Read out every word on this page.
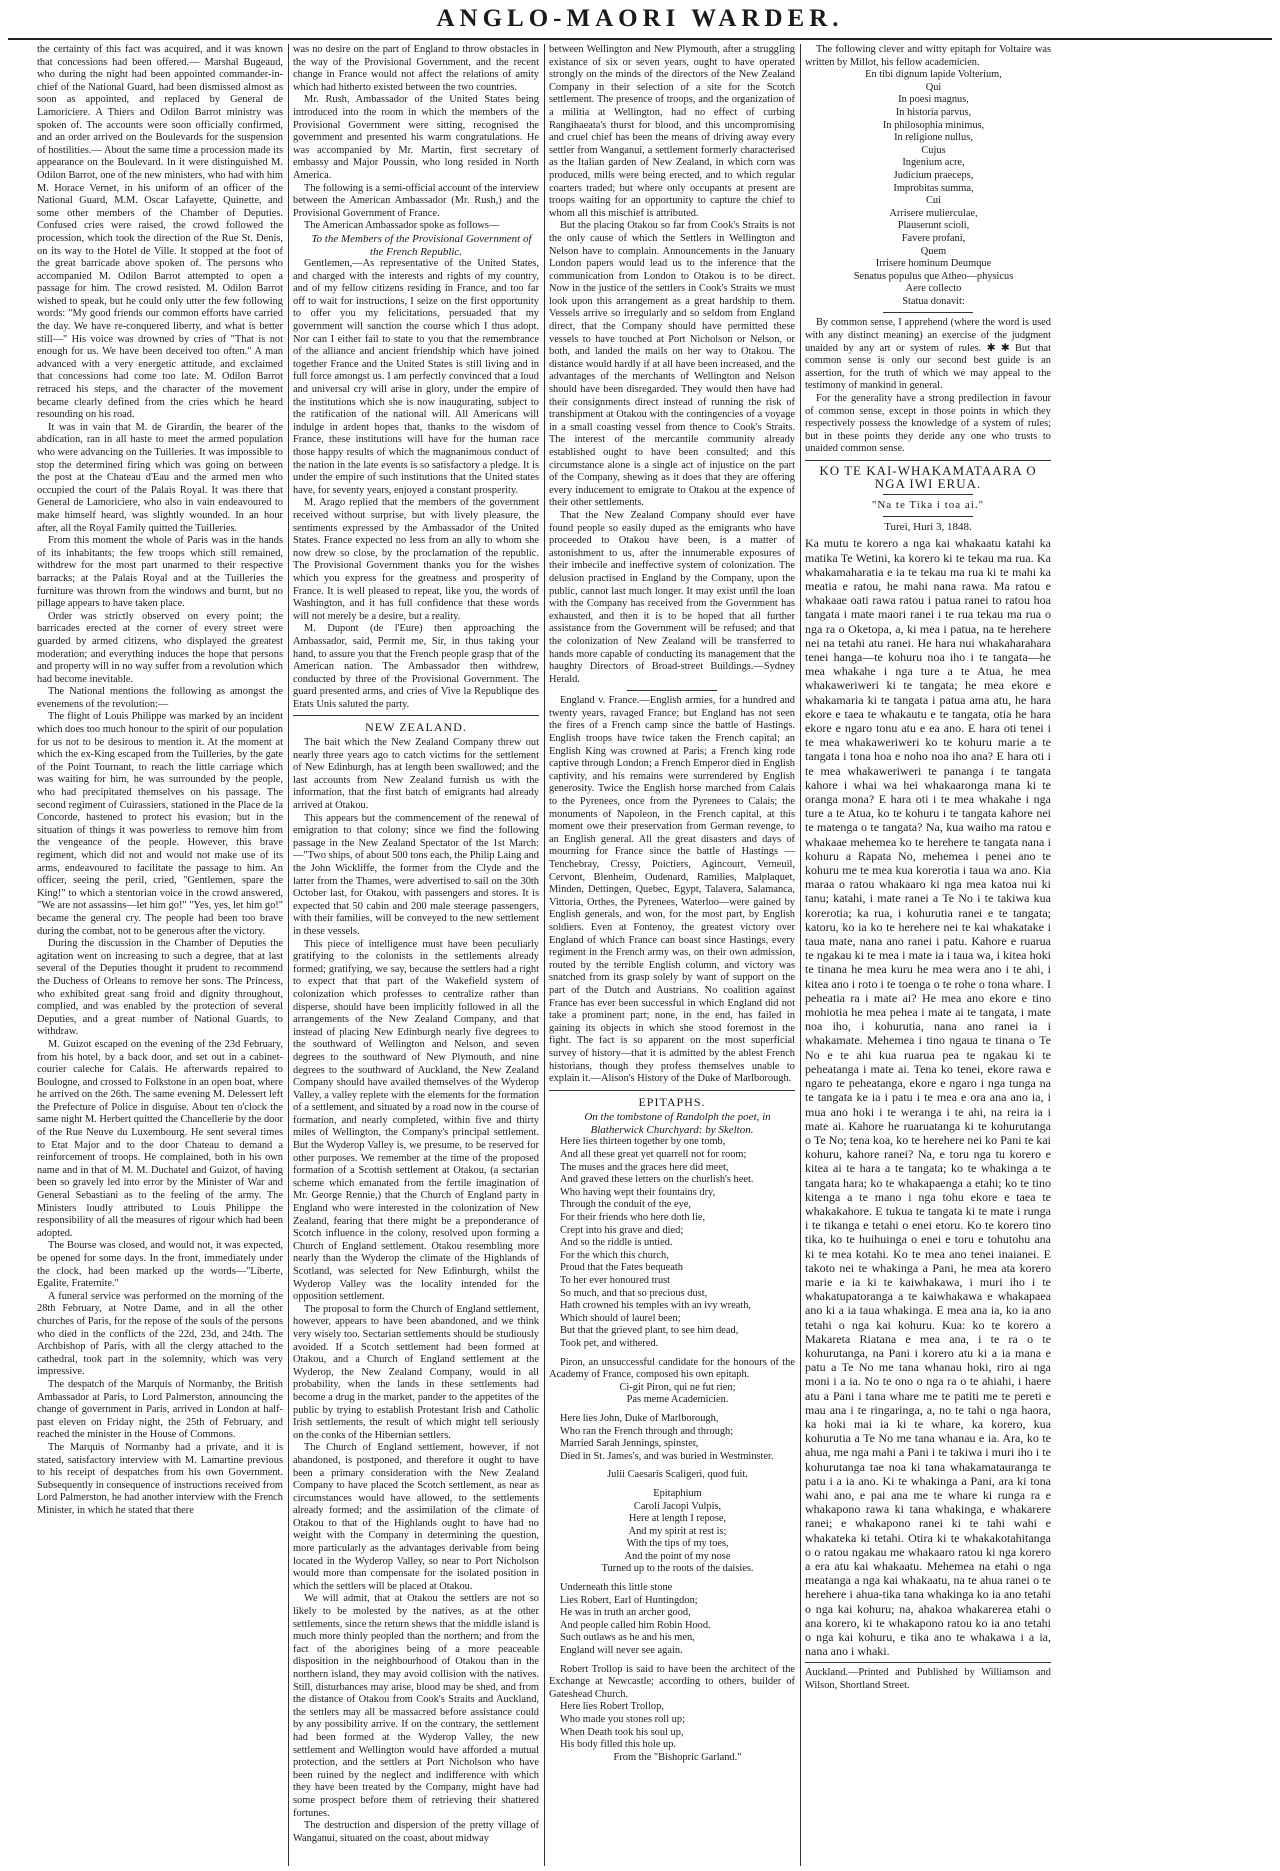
ANGLO-MAORI WARDER.

the certainty of this fact was acquired, and it was known that concessions had been offered.— Marshal Bugeaud, who during the night had been appointed commander-in-chief of the National Guard, had been dismissed almost as soon as appointed, and replaced by General de Lamoriciere. A Thiers and Odilon Barrot ministry was spoken of. The accounts were soon officially confirmed, and an order arrived on the Boulevards for the suspension of hostilities.— About the same time a procession made its appearance on the Boulevard. In it were distinguished M. Odilon Barrot, one of the new ministers, who had with him M. Horace Vernet, in his uniform of an officer of the National Guard, M.M. Oscar Lafayette, Quinette, and some other members of the Chamber of Deputies. Confused cries were raised, the crowd followed the procession, which took the direction of the Rue St. Denis, on its way to the Hotel de Ville. It stopped at the foot of the great barricade above spoken of. The persons who accompanied M. Odilon Barrot attempted to open a passage for him. The crowd resisted. M. Odilon Barrot wished to speak, but he could only utter the few following words: "My good friends our common efforts have carried the day. We have re-conquered liberty, and what is better still—" His voice was drowned by cries of "That is not enough for us. We have been deceived too often." A man advanced with a very energetic attitude, and exclaimed that concessions had come too late. M. Odilon Barrot retraced his steps, and the character of the movement became clearly defined from the cries which he heard resounding on his road.

It was in vain that M. de Girardin, the bearer of the abdication, ran in all haste to meet the armed population who were advancing on the Tuilleries. It was impossible to stop the determined firing which was going on between the post at the Chateau d'Eau and the armed men who occupied the court of the Palais Royal. It was there that General de Lamoriciere, who also in vain endeavoured to make himself heard, was slightly wounded. In an hour after, all the Royal Family quitted the Tuilleries.

From this moment the whole of Paris was in the hands of its inhabitants; the few troops which still remained, withdrew for the most part unarmed to their respective barracks; at the Palais Royal and at the Tuilleries the furniture was thrown from the windows and burnt, but no pillage appears to have taken place.

Order was strictly observed on every point; the barricades erected at the corner of every street were guarded by armed citizens, who displayed the greatest moderation; and everything induces the hope that persons and property will in no way suffer from a revolution which had become inevitable.

The National mentions the following as amongst the evenemens of the revolution:—

The flight of Louis Philippe was marked by an incident which does too much honour to the spirit of our population for us not to be desirous to mention it. At the moment at which the ex-King escaped from the Tuilleries, by the gate of the Point Tournant, to reach the little carriage which was waiting for him, he was surrounded by the people, who had precipitated themselves on his passage. The second regiment of Cuirassiers, stationed in the Place de la Concorde, hastened to protect his evasion; but in the situation of things it was powerless to remove him from the vengeance of the people. However, this brave regiment, which did not and would not make use of its arms, endeavoured to facilitate the passage to him. An officer, seeing the peril, cried, "Gentlemen, spare the King!" to which a stentorian voice in the crowd answered, "We are not assassins—let him go!" "Yes, yes, let him go!" became the general cry. The people had been too brave during the combat, not to be generous after the victory.

During the discussion in the Chamber of Deputies the agitation went on increasing to such a degree, that at last several of the Deputies thought it prudent to recommend the Duchess of Orleans to remove her sons. The Princess, who exhibited great sang froid and dignity throughout, complied, and was enabled by the protection of several Deputies, and a great number of National Guards, to withdraw.

M. Guizot escaped on the evening of the 23d February, from his hotel, by a back door, and set out in a cabinet-courier caleche for Calais. He afterwards repaired to Boulogne, and crossed to Folkstone in an open boat, where he arrived on the 26th. The same evening M. Delessert left the Prefecture of Police in disguise. About ten o'clock the same night M. Herbert quitted the Chancellerie by the door of the Rue Neuve du Luxembourg. He sent several times to Etat Major and to the door Chateau to demand a reinforcement of troops. He complained, both in his own name and in that of M. M. Duchatel and Guizot, of having been so gravely led into error by the Minister of War and General Sebastiani as to the feeling of the army. The Ministers loudly attributed to Louis Philippe the responsibility of all the measures of rigour which had been adopted.

The Bourse was closed, and would not, it was expected, be opened for some days. In the front, immediately under the clock, had been marked up the words—"Liberte, Egalite, Fraternite."

A funeral service was performed on the morning of the 28th February, at Notre Dame, and in all the other churches of Paris, for the repose of the souls of the persons who died in the conflicts of the 22d, 23d, and 24th. The Archbishop of Paris, with all the clergy attached to the cathedral, took part in the solemnity, which was very impressive.

The despatch of the Marquis of Normanby, the British Ambassador at Paris, to Lord Palmerston, announcing the change of government in Paris, arrived in London at half-past eleven on Friday night, the 25th of February, and reached the minister in the House of Commons.

The Marquis of Normanby had a private, and it is stated, satisfactory interview with M. Lamartine previous to his receipt of despatches from his own Government. Subsequently in consequence of instructions received from Lord Palmerston, he had another interview with the French Minister, in which he stated that there

was no desire on the part of England to throw obstacles in the way of the Provisional Government, and the recent change in France would not affect the relations of amity which had hitherto existed between the two countries.

Mr. Rush, Ambassador of the United States being introduced into the room in which the members of the Provisional Government were sitting, recognised the government and presented his warm congratulations. He was accompanied by Mr. Martin, first secretary of embassy and Major Poussin, who long resided in North America.

The following is a semi-official account of the interview between the American Ambassador (Mr. Rush,) and the Provisional Government of France.

The American Ambassador spoke as follows—

To the Members of the Provisional Government of the French Republic.

Gentlemen,—As representative of the United States, and charged with the interests and rights of my country, and of my fellow citizens residing in France, and too far off to wait for instructions, I seize on the first opportunity to offer you my felicitations, persuaded that my government will sanction the course which I thus adopt. Nor can I either fail to state to you that the remembrance of the alliance and ancient friendship which have joined together France and the United States is still living and in full force amongst us. I am perfectly convinced that a loud and universal cry will arise in glory, under the empire of the institutions which she is now inaugurating, subject to the ratification of the national will. All Americans will indulge in ardent hopes that, thanks to the wisdom of France, these institutions will have for the human race those happy results of which the magnanimous conduct of the nation in the late events is so satisfactory a pledge. It is under the empire of such institutions that the United states have, for seventy years, enjoyed a constant prosperity.

M. Arago replied that the members of the government received without surprise, but with lively pleasure, the sentiments expressed by the Ambassador of the United States. France expected no less from an ally to whom she now drew so close, by the proclamation of the republic. The Provisional Government thanks you for the wishes which you express for the greatness and prosperity of France. It is well pleased to repeat, like you, the words of Washington, and it has full confidence that these words will not merely be a desire, but a reality.

M. Dupont (de l'Eure) then approaching the Ambassador, said, Permit me, Sir, in thus taking your hand, to assure you that the French people grasp that of the American nation. The Ambassador then withdrew, conducted by three of the Provisional Government. The guard presented arms, and cries of Vive la Republique des Etats Unis saluted the party.

NEW ZEALAND.

The bait which the New Zealand Company threw out nearly three years ago to catch victims for the settlement of New Edinburgh, has at length been swallowed; and the last accounts from New Zealand furnish us with the information, that the first batch of emigrants had already arrived at Otakou.

This appears but the commencement of the renewal of emigration to that colony; since we find the following passage in the New Zealand Spectator of the 1st March:—"Two ships, of about 500 tons each, the Philip Laing and the John Wickliffe, the former from the Clyde and the latter from the Thames, were advertised to sail on the 30th October last, for Otakou, with passengers and stores. It is expected that 50 cabin and 200 male steerage passengers, with their families, will be conveyed to the new settlement in these vessels.

This piece of intelligence must have been peculiarly gratifying to the colonists in the settlements already formed; gratifying, we say, because the settlers had a right to expect that that part of the Wakefield system of colonization which professes to centralize rather than disperse, should have been implicitly followed in all the arrangements of the New Zealand Company, and that instead of placing New Edinburgh nearly five degrees to the southward of Wellington and Nelson, and seven degrees to the southward of New Plymouth, and nine degrees to the southward of Auckland, the New Zealand Company should have availed themselves of the Wyderop Valley, a valley replete with the elements for the formation of a settlement, and situated by a road now in the course of formation, and nearly completed, within five and thirty miles of Wellington, the Company's principal settlement. But the Wyderop Valley is, we presume, to be reserved for other purposes. We remember at the time of the proposed formation of a Scottish settlement at Otakou, (a sectarian scheme which emanated from the fertile imagination of Mr. George Rennie,) that the Church of England party in England who were interested in the colonization of New Zealand, fearing that there might be a preponderance of Scotch influence in the colony, resolved upon forming a Church of England settlement. Otakou resembling more nearly than the Wyderop the climate of the Highlands of Scotland, was selected for New Edinburgh, whilst the Wyderop Valley was the locality intended for the opposition settlement.

The proposal to form the Church of England settlement, however, appears to have been abandoned, and we think very wisely too. Sectarian settlements should be studiously avoided. If a Scotch settlement had been formed at Otakou, and a Church of England settlement at the Wyderop, the New Zealand Company, would in all probability, when the lands in these settlements had become a drug in the market, pander to the appetites of the public by trying to establish Protestant Irish and Catholic Irish settlements, the result of which might tell seriously on the conks of the Hibernian settlers.

The Church of England settlement, however, if not abandoned, is postponed, and therefore it ought to have been a primary consideration with the New Zealand Company to have placed the Scotch settlement, as near as circumstances would have allowed, to the settlements already formed; and the assimilation of the climate of Otakou to that of the Highlands ought to have had no weight with the Company in determining the question, more particularly as the advantages derivable from being located in the Wyderop Valley, so near to Port Nicholson would more than compensate for the isolated position in which the settlers will be placed at Otakou.

We will admit, that at Otakou the settlers are not so likely to be molested by the natives, as at the other settlements, since the return shews that the middle island is much more thinly peopled than the northern; and from the fact of the aborigines being of a more peaceable disposition in the neighbourhood of Otakou than in the northern island, they may avoid collision with the natives. Still, disturbances may arise, blood may be shed, and from the distance of Otakou from Cook's Straits and Auckland, the settlers may all be massacred before assistance could by any possibility arrive. If on the contrary, the settlement had been formed at the Wyderop Valley, the new settlement and Wellington would have afforded a mutual protection, and the settlers at Port Nicholson who have been ruined by the neglect and indifference with which they have been treated by the Company, might have had some prospect before them of retrieving their shattered fortunes.

The destruction and dispersion of the pretty village of Wanganui, situated on the coast, about midway

between Wellington and New Plymouth, after a struggling existance of six or seven years, ought to have operated strongly on the minds of the directors of the New Zealand Company in their selection of a site for the Scotch settlement. The presence of troops, and the organization of a militia at Wellington, had no effect of curbing Rangihaeata's thurst for blood, and this uncompromising and cruel chief has been the means of driving away every settler from Wanganui, a settlement formerly characterised as the Italian garden of New Zealand, in which corn was produced, mills were being erected, and to which regular coarters traded; but where only occupants at present are troops waiting for an opportunity to capture the chief to whom all this mischief is attributed.

But the placing Otakou so far from Cook's Straits is not the only cause of which the Settlers in Wellington and Nelson have to complain. Announcements in the January London papers would lead us to the inference that the communication from London to Otakou is to be direct. Now in the justice of the settlers in Cook's Straits we must look upon this arrangement as a great hardship to them. Vessels arrive so irregularly and so seldom from England direct, that the Company should have permitted these vessels to have touched at Port Nicholson or Nelson, or both, and landed the mails on her way to Otakou. The distance would hardly if at all have been increased, and the advantages of the merchants of Wellington and Nelson should have been disregarded. They would then have had their consignments direct instead of running the risk of transhipment at Otakou with the contingencies of a voyage in a small coasting vessel from thence to Cook's Straits. The interest of the mercantile community already established ought to have been consulted; and this circumstance alone is a single act of injustice on the part of the Company, shewing as it does that they are offering every inducement to emigrate to Otakou at the expence of their other settlements.

That the New Zealand Company should ever have found people so easily duped as the emigrants who have proceeded to Otakou have been, is a matter of astonishment to us, after the innumerable exposures of their imbecile and ineffective system of colonization. The delusion practised in England by the Company, upon the public, cannot last much longer. It may exist until the loan with the Company has received from the Government has exhausted, and then it is to be hoped that all further assistance from the Government will be refused; and that the colonization of New Zealand will be transferred to hands more capable of conducting its management that the haughty Directors of Broad-street Buildings.—Sydney Herald.

England v. France.—English armies, for a hundred and twenty years, ravaged France; but England has not seen the fires of a French camp since the battle of Hastings. English troops have twice taken the French capital; an English King was crowned at Paris; a French king rode captive through London; a French Emperor died in English captivity, and his remains were surrendered by English generosity. Twice the English horse marched from Calais to the Pyrenees, once from the Pyrenees to Calais; the monuments of Napoleon, in the French capital, at this moment owe their preservation from German revenge, to an English general. All the great disasters and days of mourning for France since the battle of Hastings — Tenchebray, Cressy, Poictiers, Agincourt, Verneuil, Cervont, Blenheim, Oudenard, Ramilies, Malplaquet, Minden, Dettingen, Quebec, Egypt, Talavera, Salamanca, Vittoria, Orthes, the Pyrenees, Waterloo—were gained by English generals, and won, for the most part, by English soldiers. Even at Fontenoy, the greatest victory over England of which France can boast since Hastings, every regiment in the French army was, on their own admission, routed by the terrible English column, and victory was snatched from its grasp solely by want of support on the part of the Dutch and Austrians. No coalition against France has ever been successful in which England did not take a prominent part; none, in the end, has failed in gaining its objects in which she stood foremost in the fight. The fact is so apparent on the most superficial survey of history—that it is admitted by the ablest French historians, though they profess themselves unable to explain it.—Alison's History of the Duke of Marlborough.

EPITAPHS.

On the tombstone of Randolph the poet, in Blatherwick Churchyard: by Skelton.

Here lies thirteen together by one tomb,

And all these great yet quarrell not for room;

The muses and the graces here did meet,

And graved these letters on the churlish's heet.

Who having wept their fountains dry,

Through the conduit of the eye,

For their friends who here doth lie,

Crept into his grave and died;

And so the riddle is untied.

For the which this church,

Proud that the Fates bequeath

To her ever honoured trust

So much, and that so precious dust,

Hath crowned his temples with an ivy wreath,

Which should of laurel been;

But that the grieved plant, to see him dead,

Took pet, and withered.

Piron, an unsuccessful candidate for the honours of the Academy of France, composed his own epitaph.

Ci-git Piron, qui ne fut rien;

Pas meme Academicien.

Here lies John, Duke of Marlborough,

Who ran the French through and through;

Married Sarah Jennings, spinster,

Died in St. James's, and was buried in Westminster.

Julii Caesaris Scaligeri, quod fuit.

Epitaphium

Caroli Jacopi Vulpis,

Here at length I repose,

And my spirit at rest is;

With the tips of my toes,

And the point of my nose

Turned up to the roots of the daisies.

Underneath this little stone

Lies Robert, Earl of Huntingdon;

He was in truth an archer good,

And people called him Robin Hood.

Such outlaws as he and his men,

England will never see again.

Robert Trollop is said to have been the architect of the Exchange at Newcastle; according to others, builder of Gateshead Church.

Here lies Robert Trollop,

Who made you stones roll up;

When Death took his soul up,

His body filled this hole up.

From the "Bishopric Garland."

The following clever and witty epitaph for Voltaire was written by Millot, his fellow academicien.

En tibi dignum lapide Volterium,

Qui

In poesi magnus,

In historia parvus,

In philosophia minimus,

In religione nullus,

Cujus

Ingenium acre,

Judicium praeceps,

Improbitas summa,

Cui

Arrisere mulierculae,

Plauserunt scioli,

Favere profani,

Quem

Irrisere hominum Deumque

Senatus populus que Atheo—physicus

Aere collecto

Statua donavit:

By common sense, I apprehend (where the word is used with any distinct meaning) an exercise of the judgment unaided by any art or system of rules. ✱ ✱ But that common sense is only our second best guide is an assertion, for the truth of which we may appeal to the testimony of mankind in general.

For the generality have a strong predilection in favour of common sense, except in those points in which they respectively possess the knowledge of a system of rules; but in these points they deride any one who trusts to unaided common sense.

KO TE KAI-WHAKAMATAARA O NGA IWI ERUA.
"Na te Tika i toa ai."
Turei, Huri 3, 1848.

Ka mutu te korero a nga kai whakaatu katahi ka matika Te Wetini, ka korero ki te tekau ma rua. Ka whakamaharatia e ia te tekau ma rua ki te mahi ka meatia e ratou, he mahi nana rawa. Ma ratou e whakaae oati rawa ratou i patua ranei to ratou hoa tangata i mate maori ranei i te rua tekau ma rua o nga ra o Oketopa, a, ki mea i patua, na te herehere nei na tetahi atu ranei. He hara nui whakaharahara tenei hanga—te kohuru noa iho i te tangata—he mea whakahe i nga ture a te Atua, he mea whakaweriweri ki te tangata; he mea ekore e whakamaria ki te tangata i patua ama atu, he hara ekore e taea te whakautu e te tangata, otia he hara ekore e ngaro tonu atu e ea ano. E hara oti tenei i te mea whakaweriweri ko te kohuru marie a te tangata i tona hoa e noho noa iho ana? E hara oti i te mea whakaweriweri te pananga i te tangata kahore i whai wa hei whakaaronga mana ki te oranga mona? E hara oti i te mea whakahe i nga ture a te Atua, ko te kohuru i te tangata kahore nei te matenga o te tangata? Na, kua waiho ma ratou e whakaae mehemea ko te herehere te tangata nana i kohuru a Rapata No, mehemea i penei ano te kohuru me te mea kua korerotia i taua wa ano. Kia maraa o ratou whakaaro ki nga mea katoa nui ki tanu; katahi, i mate ranei a Te No i te takiwa kua korerotia; ka rua, i kohurutia ranei e te tangata; katoru, ko ia ko te herehere nei te kai whakatake i taua mate, nana ano ranei i patu. Kahore e ruarua te ngakau ki te mea i mate ia i taua wa, i kitea hoki te tinana he mea kuru he mea wera ano i te ahi, i kitea ano i roto i te toenga o te rohe o tona whare. I peheatia ra i mate ai? He mea ano ekore e tino mohiotia he mea pehea i mate ai te tangata, i mate noa iho, i kohurutia, nana ano ranei ia i whakamate. Mehemea i tino ngaua te tinana o Te No e te ahi kua ruarua pea te ngakau ki te peheatanga i mate ai. Tena ko tenei, ekore rawa e ngaro te peheatanga, ekore e ngaro i nga tunga na te tangata ke ia i patu i te mea e ora ana ano ia, i mua ano hoki i te weranga i te ahi, na reira ia i mate ai. Kahore he ruaruatanga ki te kohurutanga o Te No; tena koa, ko te herehere nei ko Pani te kai kohuru, kahore ranei? Na, e toru nga tu korero e kitea ai te hara a te tangata; ko te whakinga a te tangata hara; ko te whakapaenga a etahi; ko te tino kitenga a te mano i nga tohu ekore e taea te whakakahore. E tukua te tangata ki te mate i runga i te tikanga e tetahi o enei etoru. Ko te korero tino tika, ko te huihuinga o enei e toru e tohutohu ana ki te mea kotahi. Ko te mea ano tenei inaianei. E takoto nei te whakinga a Pani, he mea ata korero marie e ia ki te kaiwhakawa, i muri iho i te whakatupatoranga a te kaiwhakawa e whakapaea ano ki a ia taua whakinga. E mea ana ia, ko ia ano tetahi o nga kai kohuru. Kua: ko te korero a Makareta Riatana e mea ana, i te ra o te kohurutanga, na Pani i korero atu ki a ia mana e patu a Te No me tana whanau hoki, riro ai nga moni i a ia. No te ono o nga ra o te ahiahi, i haere atu a Pani i tana whare me te patiti me te pereti e mau ana i te ringaringa, a, no te tahi o nga haora, ka hoki mai ia ki te whare, ka korero, kua kohurutia a Te No me tana whanau e ia. Ara, ko te ahua, me nga mahi a Pani i te takiwa i muri iho i te kohurutanga tae noa ki tana whakamataurangа te patu i a ia ano. Ki te whakinga a Pani, ara ki tona wahi ano, e pai ana me te whare ki runga ra e whakapono rawa ki tana whakinga, e whakarere ranei; e whakapono ranei ki te tahi wahi e whakateka ki tetahi. Otira ki te whakakotahitanga o o ratou ngakau me whakaaro ratou ki nga korero a era atu kai whakaatu. Mehemea na etahi o nga meatanga a nga kai whakaatu, na te ahua ranei o te herehere i ahua-tika tana whakinga ko ia ano tetahi o nga kai kohuru; na, ahakoa whakarerea etahi o ana korero, ki te whakapono ratou ko ia ano tetahi o nga kai kohuru, e tika ano te whakawa i a ia, nana ano i whaki.

Auckland.—Printed and Published by Williamson and Wilson, Shortland Street.
